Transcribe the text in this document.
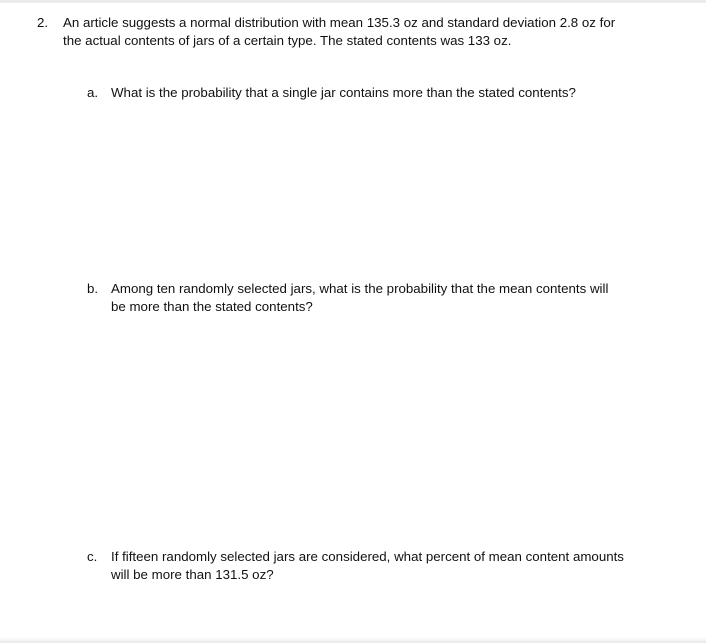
2. An article suggests a normal distribution with mean 135.3 oz and standard deviation 2.8 oz for
the actual contents of jars of a certain type. The stated contents was 133 oz.
a. What is the probability that a single jar contains more than the stated contents?
b. Among ten randomly selected jars, what is the probability that the mean contents will
be more than the stated contents?
c. If fifteen randomly selected jars are considered, what percent of mean content amounts
will be more than 131.5 oz?
